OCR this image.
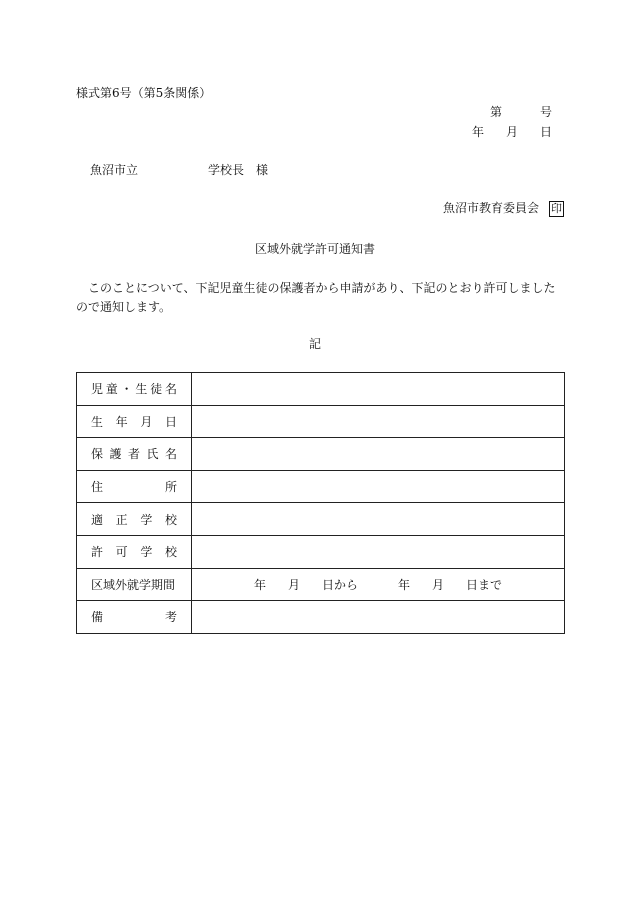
様式第6号（第5条関係）
第	号
年 月 日
魚沼市立	学校長 様
魚沼市教育委員会 印
区域外就学許可通知書
このことについて、下記児童生徒の保護者から申請があり、下記のとおり許可しましたので通知します。
記
児童・生徒名	
生年月日	
保護者氏名	
住所	
適正学校	
許可学校	
区域外就学期間	年 月 日から 年 月 日まで
備考	
